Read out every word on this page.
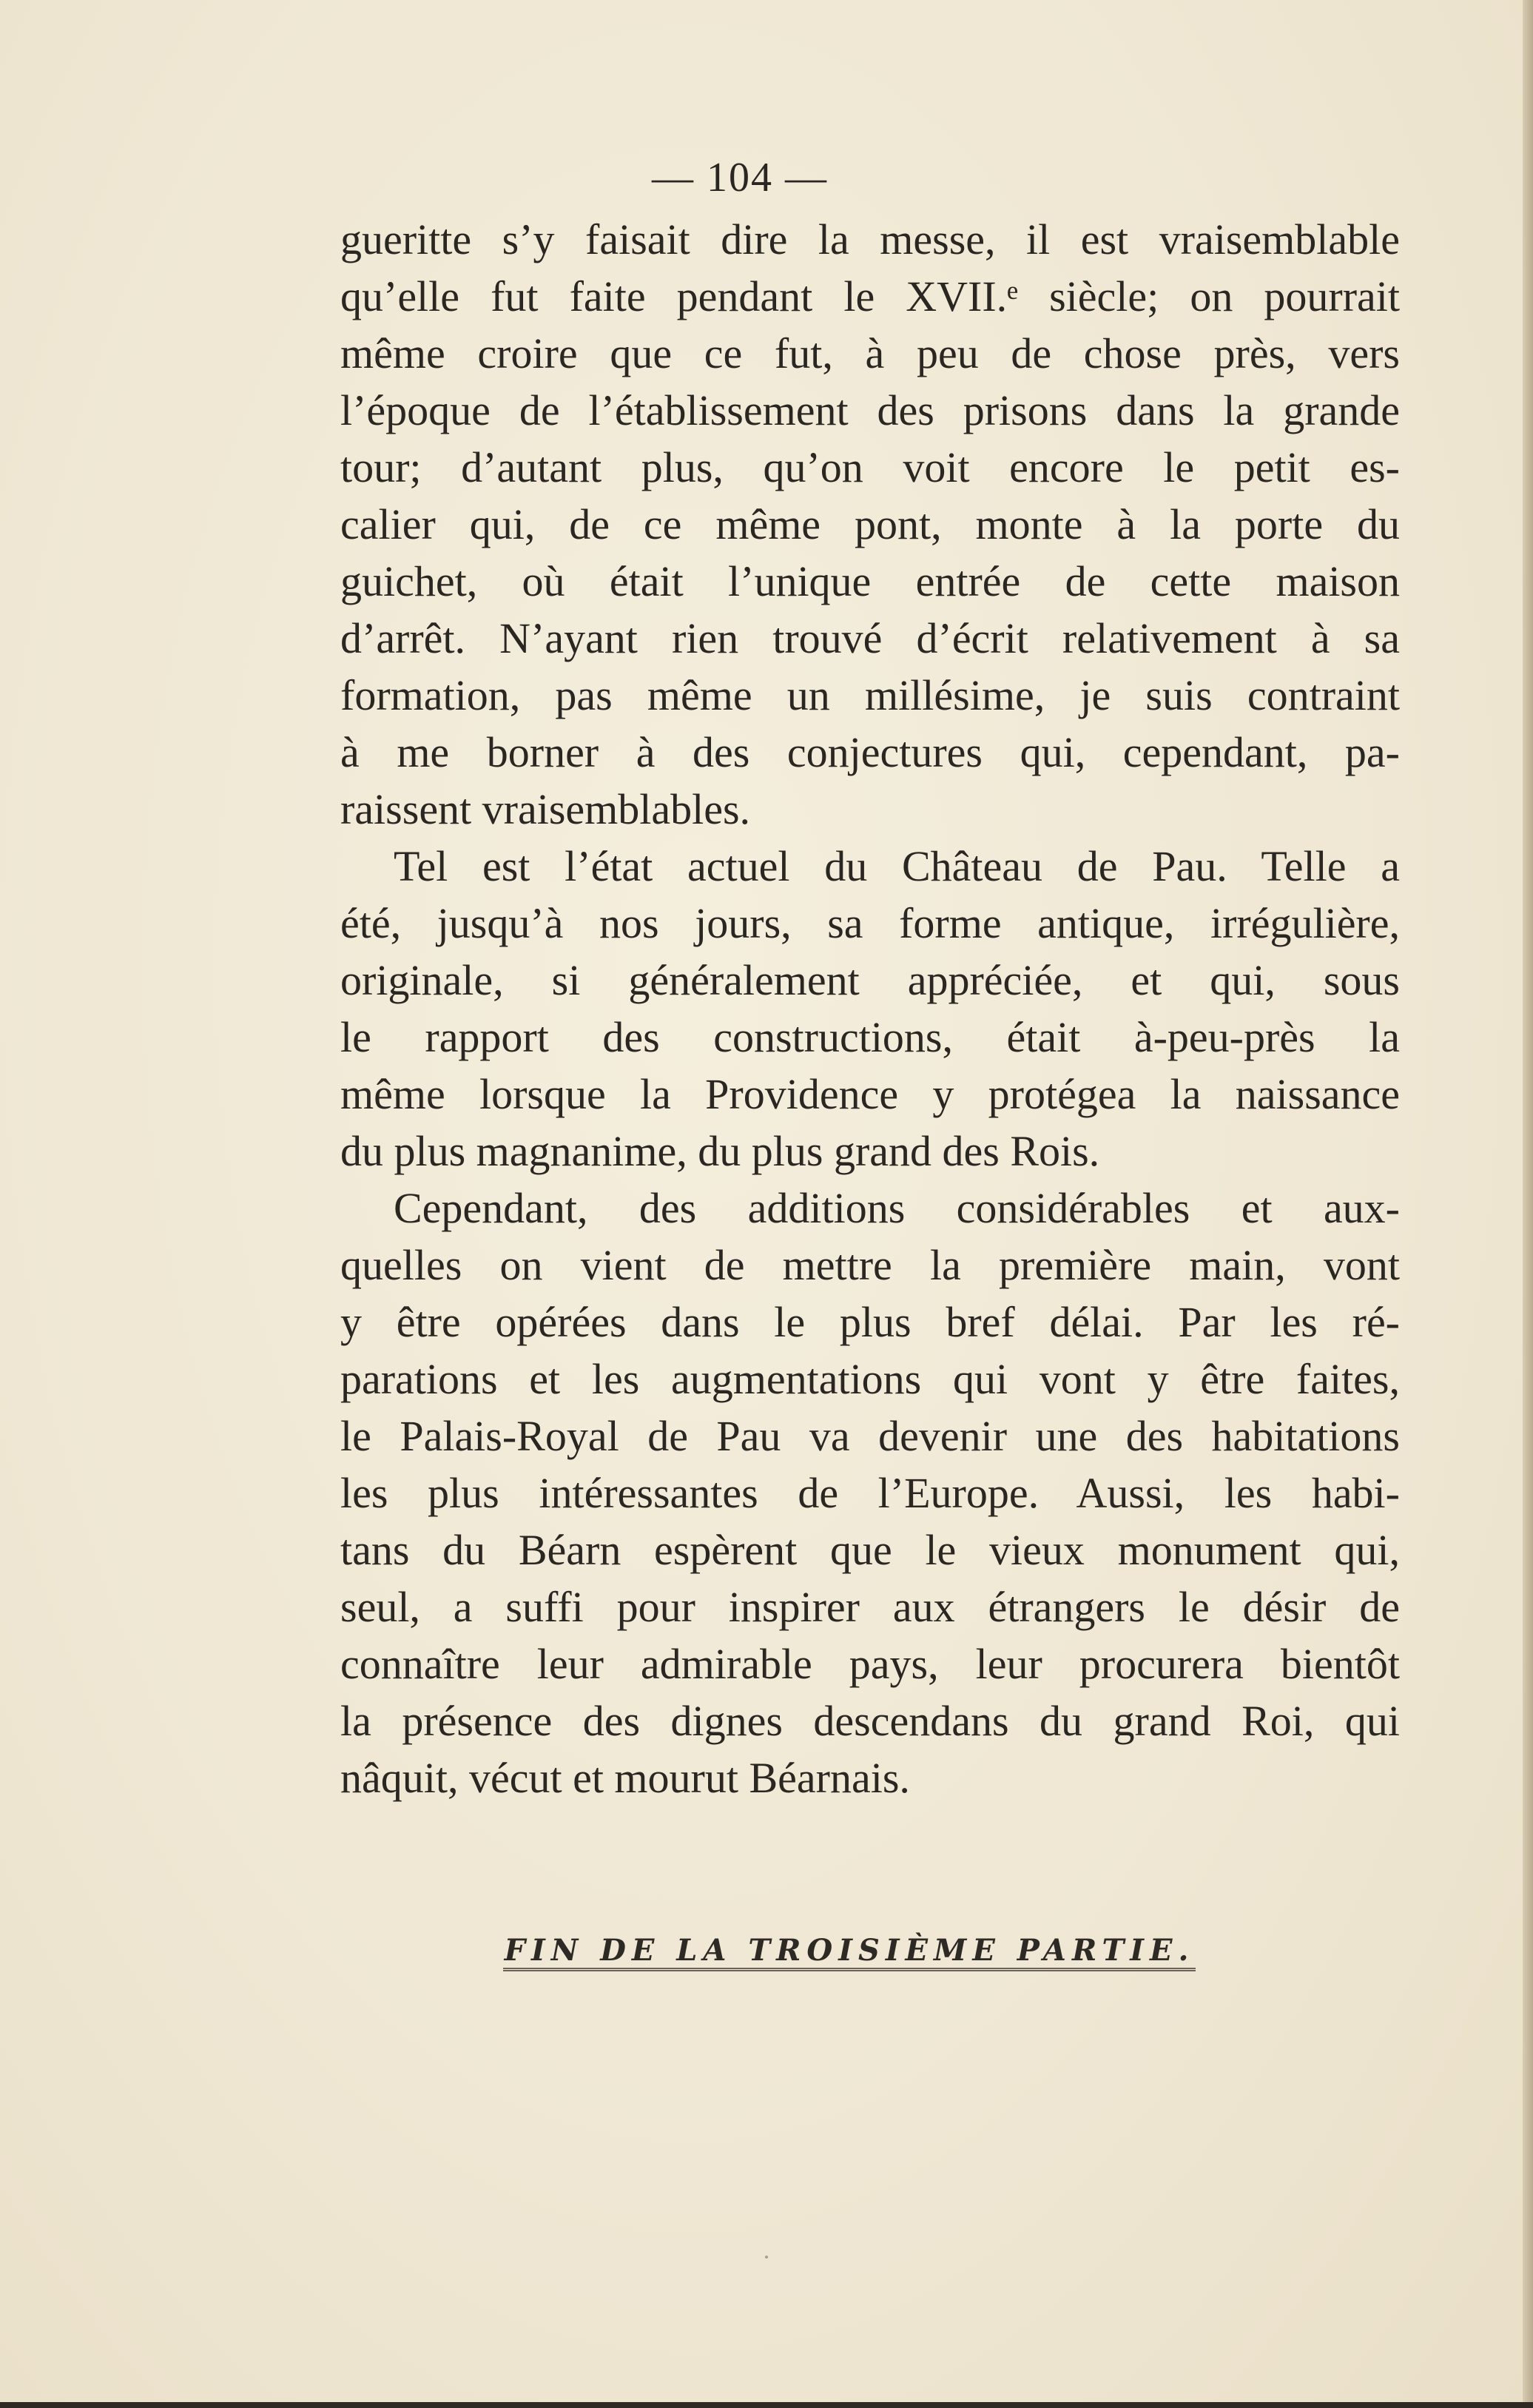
— 104 —
gueritte s’y faisait dire la messe, il est vraisemblable
qu’elle fut faite pendant le XVII.ᵉ siècle; on pourrait
même croire que ce fut, à peu de chose près, vers
l’époque de l’établissement des prisons dans la grande
tour; d’autant plus, qu’on voit encore le petit es-
calier qui, de ce même pont, monte à la porte du
guichet, où était l’unique entrée de cette maison
d’arrêt. N’ayant rien trouvé d’écrit relativement à sa
formation, pas même un millésime, je suis contraint
à me borner à des conjectures qui, cependant, pa-
raissent vraisemblables.
Tel est l’état actuel du Château de Pau. Telle a
été, jusqu’à nos jours, sa forme antique, irrégulière,
originale, si généralement appréciée, et qui, sous
le rapport des constructions, était à-peu-près la
même lorsque la Providence y protégea la naissance
du plus magnanime, du plus grand des Rois.
Cependant, des additions considérables et aux-
quelles on vient de mettre la première main, vont
y être opérées dans le plus bref délai. Par les ré-
parations et les augmentations qui vont y être faites,
le Palais-Royal de Pau va devenir une des habitations
les plus intéressantes de l’Europe. Aussi, les habi-
tans du Béarn espèrent que le vieux monument qui,
seul, a suffi pour inspirer aux étrangers le désir de
connaître leur admirable pays, leur procurera bientôt
la présence des dignes descendans du grand Roi, qui
nâquit, vécut et mourut Béarnais.
FIN DE LA TROISIÈME PARTIE.
